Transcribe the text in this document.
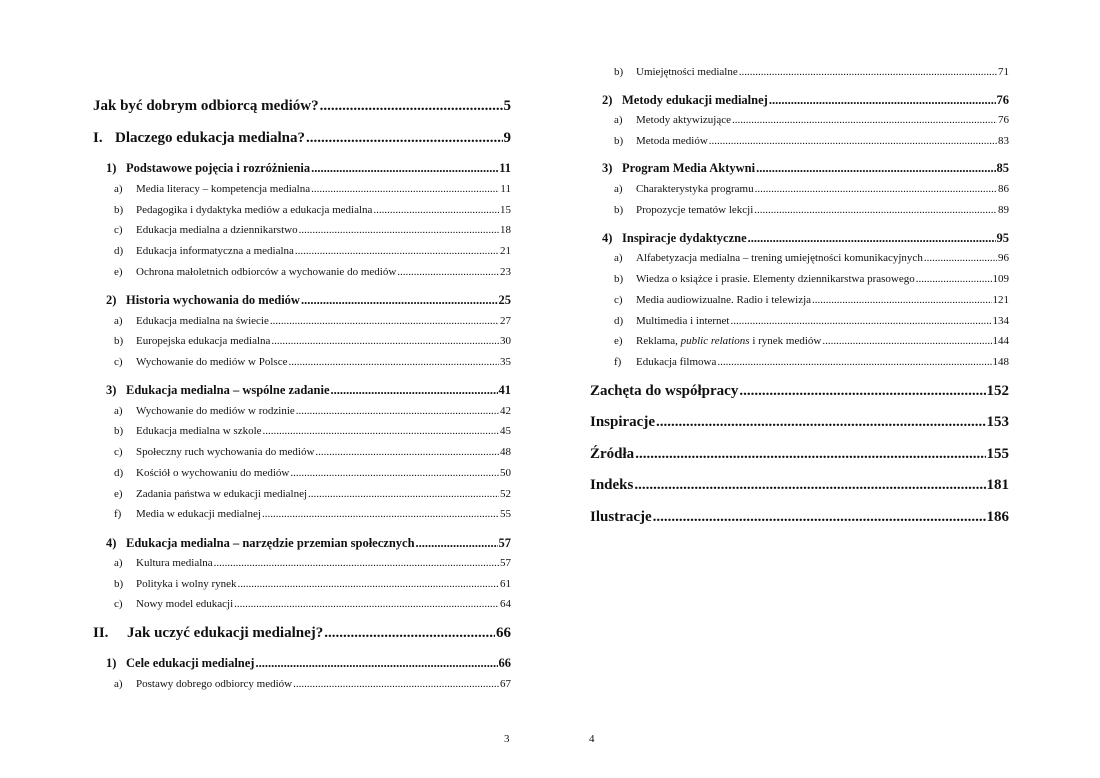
3
Jak być dobrym odbiorcą mediów? .....	5
I. Dlaczego edukacja medialna? .....	9
1) Podstawowe pojęcia i rozróżnienia .....	11
a)	Media literacy – kompetencja medialna .....	11
b)	Pedagogika i dydaktyka mediów a edukacja medialna .....	15
c)	Edukacja medialna a dziennikarstwo .....	18
d)	Edukacja informatyczna a medialna .....	21
e)	Ochrona małoletnich odbiorców a wychowanie do mediów .....	23
2) Historia wychowania do mediów .....	25
a)	Edukacja medialna na świecie .....	27
b)	Europejska edukacja medialna .....	30
c)	Wychowanie do mediów w Polsce .....	35
3) Edukacja medialna – wspólne zadanie .....	41
a)	Wychowanie do mediów w rodzinie .....	42
b)	Edukacja medialna w szkole .....	45
c)	Społeczny ruch wychowania do mediów .....	48
d)	Kościół o wychowaniu do mediów .....	50
e)	Zadania państwa w edukacji medialnej .....	52
f)	Media w edukacji medialnej .....	55
4) Edukacja medialna – narzędzie przemian społecznych .....	57
a)	Kultura medialna .....	57
b)	Polityka i wolny rynek .....	61
c)	Nowy model edukacji .....	64
II.	Jak uczyć edukacji medialnej? .....	66
1) Cele edukacji medialnej .....	66
a)	Postawy dobrego odbiorcy mediów .....	67
4
b)	Umiejętności medialne .....	71
2) Metody edukacji medialnej .....	76
a)	Metody aktywizujące .....	76
b)	Metoda mediów .....	83
3) Program Media Aktywni .....	85
a)	Charakterystyka programu .....	86
b)	Propozycje tematów lekcji .....	89
4) Inspiracje dydaktyczne .....	95
a)	Alfabetyzacja medialna – trening umiejętności komunikacyjnych .....	96
b)	Wiedza o książce i prasie. Elementy dziennikarstwa prasowego .....	109
c)	Media audiowizualne. Radio i telewizja .....	121
d)	Multimedia i internet .....	134
e)	Reklama, public relations i rynek mediów .....	144
f)	Edukacja filmowa .....	148
Zachęta do współpracy .....	152
Inspiracje .....	153
Źródła .....	155
Indeks .....	181
Ilustracje .....	186
